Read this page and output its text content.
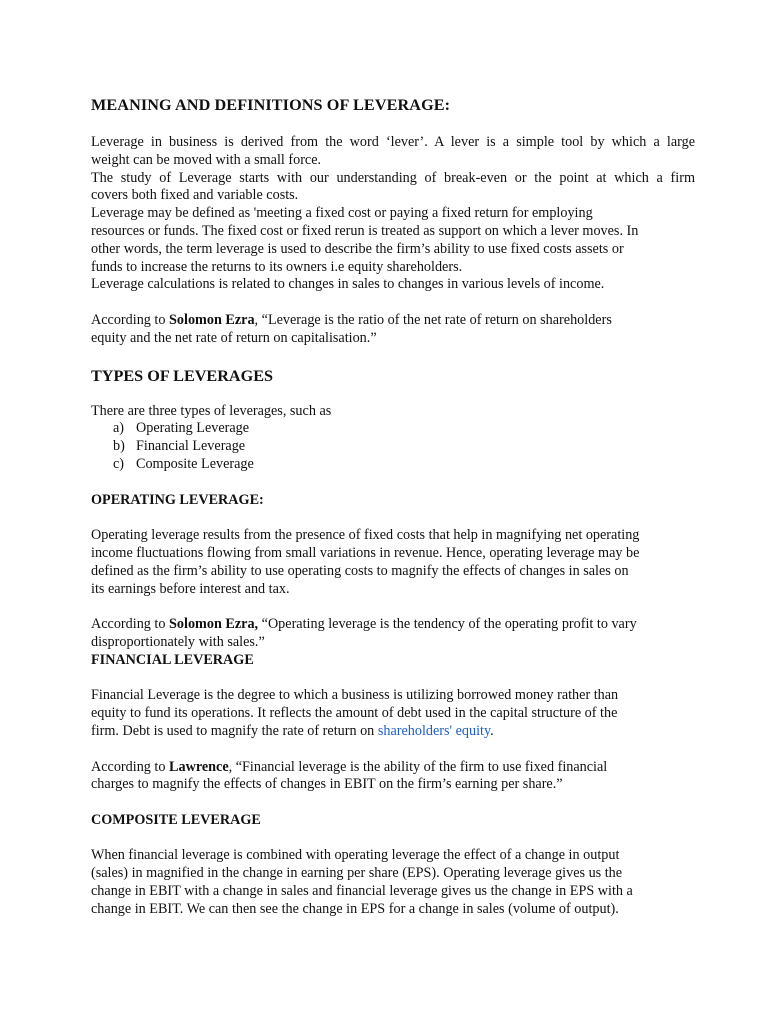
MEANING AND DEFINITIONS OF LEVERAGE:

Leverage in business is derived from the word ‘lever’. A lever is a simple tool by which a large

weight can be moved with a small force.

The study of Leverage starts with our understanding of break-even or the point at which a firm

covers both fixed and variable costs.

Leverage may be defined as 'meeting a fixed cost or paying a fixed return for employing

resources or funds. The fixed cost or fixed rerun is treated as support on which a lever moves. In

other words, the term leverage is used to describe the firm’s ability to use fixed costs assets or

funds to increase the returns to its owners i.e equity shareholders.

Leverage calculations is related to changes in sales to changes in various levels of income.

According to Solomon Ezra, “Leverage is the ratio of the net rate of return on shareholders

equity and the net rate of return on capitalisation.”

TYPES OF LEVERAGES

There are three types of leverages, such as

a) Operating Leverage

b) Financial Leverage

c) Composite Leverage

OPERATING LEVERAGE:

Operating leverage results from the presence of fixed costs that help in magnifying net operating

income fluctuations flowing from small variations in revenue. Hence, operating leverage may be

defined as the firm’s ability to use operating costs to magnify the effects of changes in sales on

its earnings before interest and tax.

According to Solomon Ezra, “Operating leverage is the tendency of the operating profit to vary

disproportionately with sales.”

FINANCIAL LEVERAGE

Financial Leverage is the degree to which a business is utilizing borrowed money rather than

equity to fund its operations. It reflects the amount of debt used in the capital structure of the

firm. Debt is used to magnify the rate of return on shareholders' equity.

According to Lawrence, “Financial leverage is the ability of the firm to use fixed financial

charges to magnify the effects of changes in EBIT on the firm’s earning per share.”

COMPOSITE LEVERAGE

When financial leverage is combined with operating leverage the effect of a change in output

(sales) in magnified in the change in earning per share (EPS). Operating leverage gives us the

change in EBIT with a change in sales and financial leverage gives us the change in EPS with a

change in EBIT. We can then see the change in EPS for a change in sales (volume of output).
